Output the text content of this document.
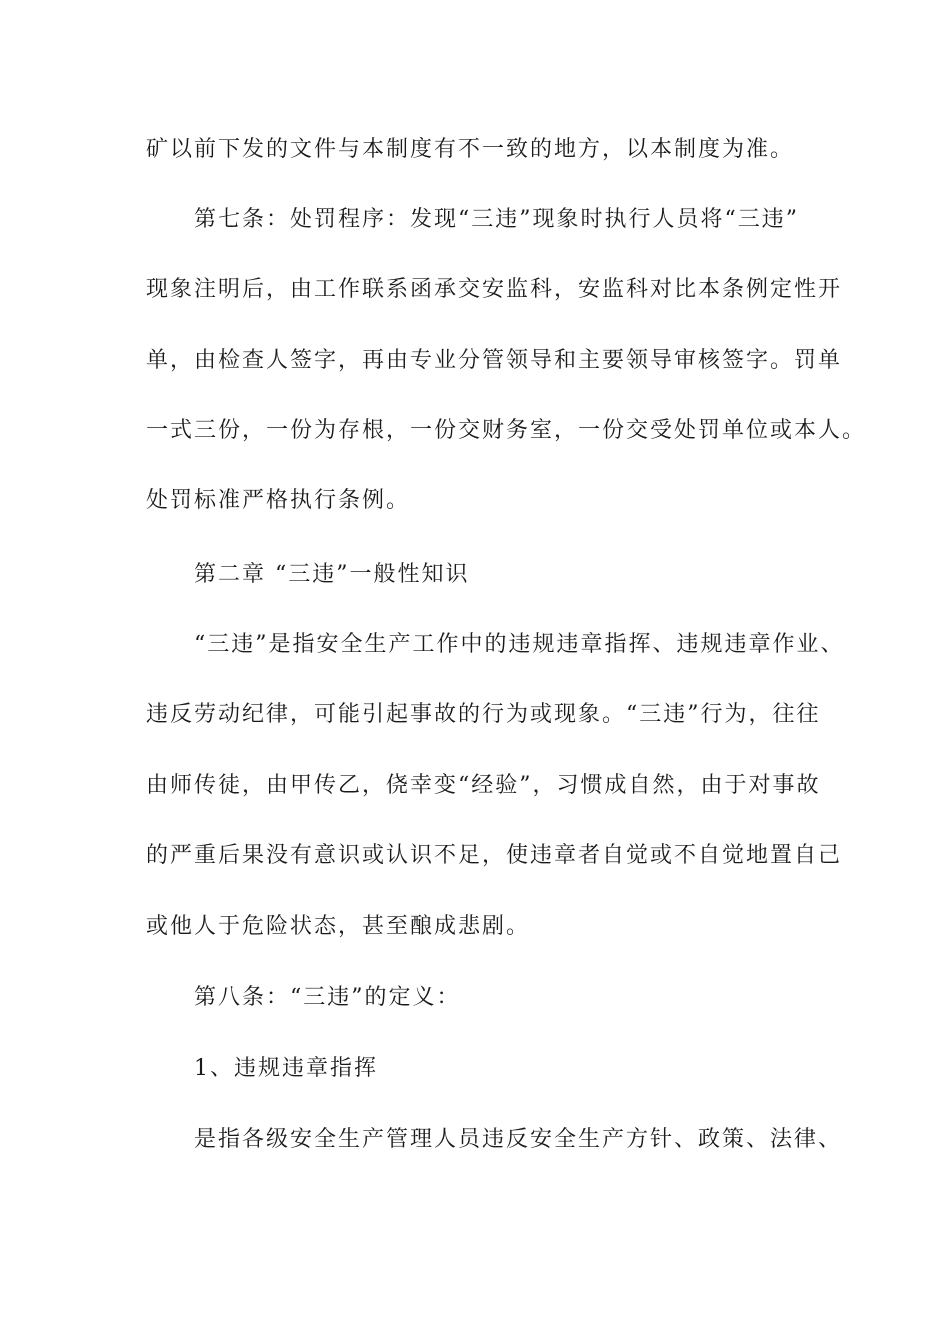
矿以前下发的文件与本制度有不一致的地方，以本制度为准。
第七条：处罚程序：发现“三违”现象时执行人员将“三违”
现象注明后，由工作联系函承交安监科，安监科对比本条例定性开
单，由检查人签字，再由专业分管领导和主要领导审核签字。罚单
一式三份，一份为存根，一份交财务室，一份交受处罚单位或本人。
处罚标准严格执行条例。
第二章 “三违”一般性知识
“三违”是指安全生产工作中的违规违章指挥、违规违章作业、
违反劳动纪律，可能引起事故的行为或现象。“三违”行为，往往
由师传徒，由甲传乙，侥幸变“经验”，习惯成自然，由于对事故
的严重后果没有意识或认识不足，使违章者自觉或不自觉地置自己
或他人于危险状态，甚至酿成悲剧。
第八条：“三违”的定义：
1、违规违章指挥
是指各级安全生产管理人员违反安全生产方针、政策、法律、
